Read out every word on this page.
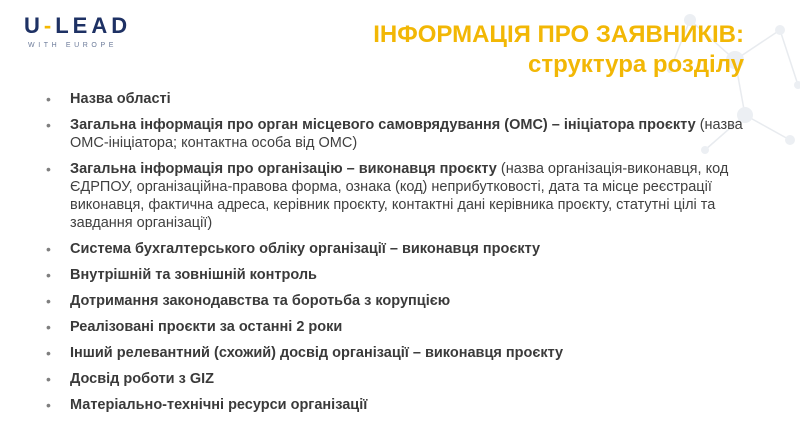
U-LEAD
WITH EUROPE	ІНФОРМАЦІЯ ПРО ЗАЯВНИКІВ:
структура розділу
• Назва області
• Загальна інформація про орган місцевого самоврядування (ОМС) – ініціатора проєкту (назва ОМС-ініціатора; контактна особа від ОМС)
• Загальна інформація про організацію – виконавця проєкту (назва організація-виконавця, код ЄДРПОУ, організаційна-правова форма, ознака (код) неприбутковості, дата та місце реєстрації виконавця, фактична адреса, керівник проєкту, контактні дані керівника проєкту, статутні цілі та завдання організації)
• Система бухгалтерського обліку організації – виконавця проєкту
• Внутрішній та зовнішній контроль
• Дотримання законодавства та боротьба з корупцією
• Реалізовані проєкти за останні 2 роки
• Інший релевантний (схожий) досвід організації – виконавця проєкту
• Досвід роботи з GIZ
• Матеріально-технічні ресурси організації
